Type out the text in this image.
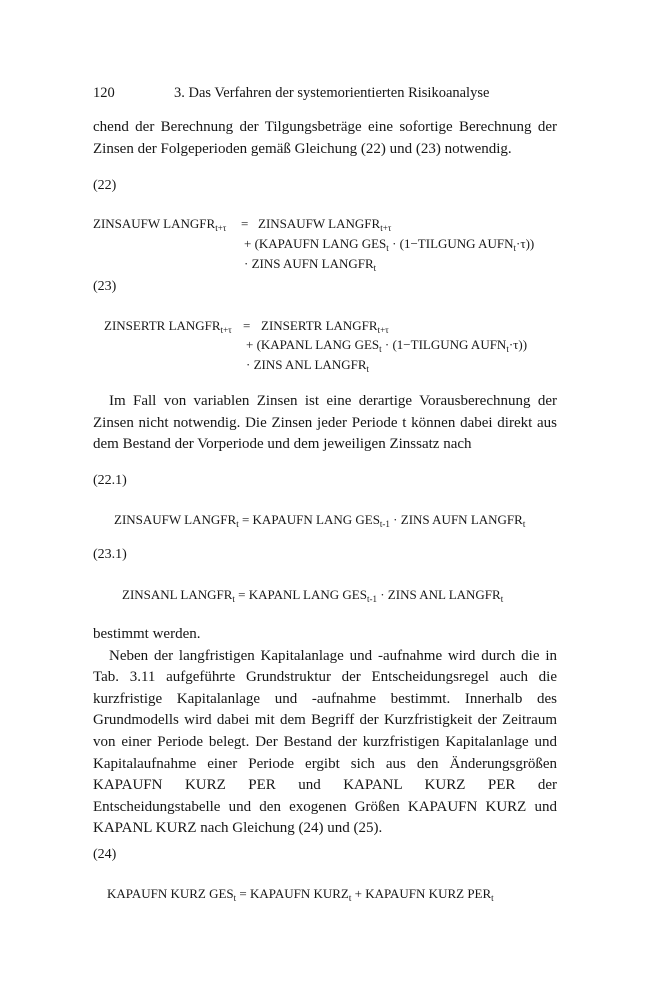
120	3. Das Verfahren der systemorientierten Risikoanalyse

chend der Berechnung der Tilgungsbeträge eine sofortige Berechnung der Zinsen der Folgeperioden gemäß Gleichung (22) und (23) notwendig.

(22)
ZINSAUFW $LANGFR_{t+\tau}$ = ZINSAUFW $LANGFR_{t+\tau}$
+ (KAPAUFN LANG $GES_t$ · (1−TILGUNG $AUFN_t\cdot\tau$))
· ZINS AUFN $LANGFR_t$
(23)
ZINSERTR $LANGFR_{t+\tau}$ = ZINSERTR $LANGFR_{t+\tau}$
+ (KAPANL LANG $GES_t$ · (1−TILGUNG $AUFN_t\cdot\tau$))
· ZINS ANL $LANGFR_t$

Im Fall von variablen Zinsen ist eine derartige Vorausberechnung der Zinsen nicht notwendig. Die Zinsen jeder Periode t können dabei direkt aus dem Bestand der Vorperiode und dem jeweiligen Zinssatz nach

(22.1)
ZINSAUFW $LANGFR_t$ = KAPAUFN LANG $GES_{t-1}$ · ZINS AUFN $LANGFR_t$
(23.1)
ZINSANL $LANGFR_t$ = KAPANL LANG $GES_{t-1}$ · ZINS ANL $LANGFR_t$

bestimmt werden.

Neben der langfristigen Kapitalanlage und -aufnahme wird durch die in Tab. 3.11 aufgeführte Grundstruktur der Entscheidungsregel auch die kurzfristige Kapitalanlage und -aufnahme bestimmt. Innerhalb des Grundmodells wird dabei mit dem Begriff der Kurzfristigkeit der Zeitraum von einer Periode belegt. Der Bestand der kurzfristigen Kapitalanlage und Kapitalaufnahme einer Periode ergibt sich aus den Änderungsgrößen KAPAUFN KURZ PER und KAPANL KURZ PER der Entscheidungstabelle und den exogenen Größen KAPAUFN KURZ und KAPANL KURZ nach Gleichung (24) und (25).

(24)
KAPAUFN KURZ $GES_t$ = KAPAUFN $KURZ_t$ + KAPAUFN KURZ $PER_t$
